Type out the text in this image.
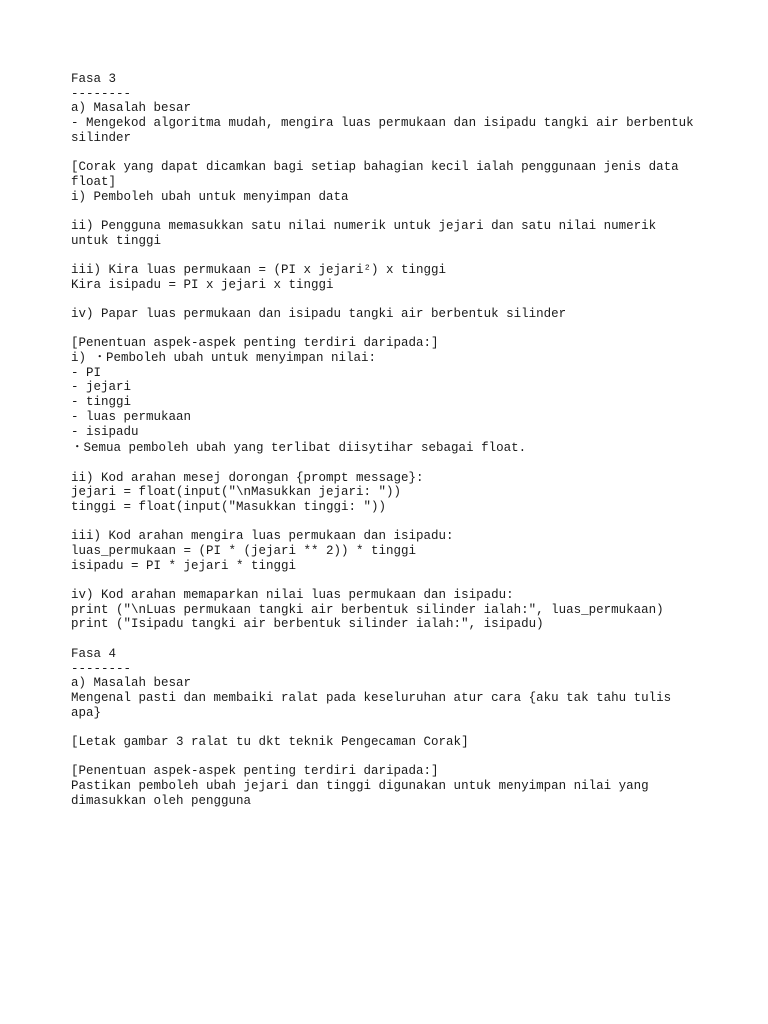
Fasa 3
--------
a) Masalah besar
- Mengekod algoritma mudah, mengira luas permukaan dan isipadu tangki air berbentuk
silinder
[Corak yang dapat dicamkan bagi setiap bahagian kecil ialah penggunaan jenis data
float]
i) Pemboleh ubah untuk menyimpan data
ii) Pengguna memasukkan satu nilai numerik untuk jejari dan satu nilai numerik
untuk tinggi
iii) Kira luas permukaan = (PI x jejari²) x tinggi
Kira isipadu = PI x jejari x tinggi
iv) Papar luas permukaan dan isipadu tangki air berbentuk silinder
[Penentuan aspek-aspek penting terdiri daripada:]
i) ・Pemboleh ubah untuk menyimpan nilai:
- PI
- jejari
- tinggi
- luas permukaan
- isipadu
・Semua pemboleh ubah yang terlibat diisytihar sebagai float.
ii) Kod arahan mesej dorongan {prompt message}:
jejari = float(input("\nMasukkan jejari: "))
tinggi = float(input("Masukkan tinggi: "))
iii) Kod arahan mengira luas permukaan dan isipadu:
luas_permukaan = (PI * (jejari ** 2)) * tinggi
isipadu = PI * jejari * tinggi
iv) Kod arahan memaparkan nilai luas permukaan dan isipadu:
print ("\nLuas permukaan tangki air berbentuk silinder ialah:", luas_permukaan)
print ("Isipadu tangki air berbentuk silinder ialah:", isipadu)
Fasa 4
--------
a) Masalah besar
Mengenal pasti dan membaiki ralat pada keseluruhan atur cara {aku tak tahu tulis
apa}
[Letak gambar 3 ralat tu dkt teknik Pengecaman Corak]
[Penentuan aspek-aspek penting terdiri daripada:]
Pastikan pemboleh ubah jejari dan tinggi digunakan untuk menyimpan nilai yang
dimasukkan oleh pengguna
